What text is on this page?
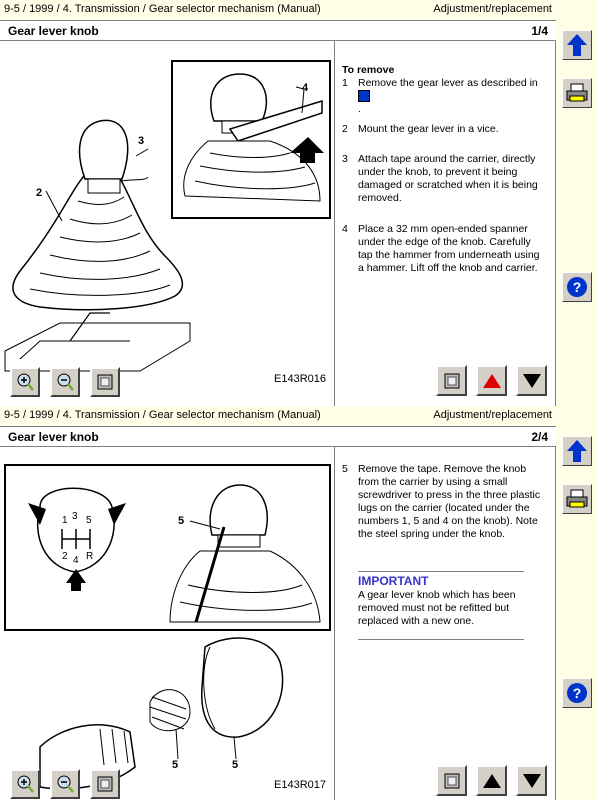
9-5 / 1999 / 4. Transmission / Gear selector mechanism (Manual)	Adjustment/replacement
Gear lever knob	1/4
2
3
4
E143R016
To remove
1 Remove the gear lever as described in
.
2 Mount the gear lever in a vice.
3 Attach tape around the carrier, directly under the knob, to prevent it being damaged or scratched when it is being removed.
4 Place a 32 mm open-ended spanner under the edge of the knob. Carefully tap the hammer from underneath using a hammer. Lift off the knob and carrier.
?
9-5 / 1999 / 4. Transmission / Gear selector mechanism (Manual)	Adjustment/replacement
Gear lever knob	2/4
1 3 5
2 4 R
5
5	5
E143R017
5 Remove the tape. Remove the knob from the carrier by using a small screwdriver to press in the three plastic lugs on the carrier (located under the numbers 1, 5 and 4 on the knob). Note the steel spring under the knob.
IMPORTANT
A gear lever knob which has been removed must not be refitted but replaced with a new one.
?
